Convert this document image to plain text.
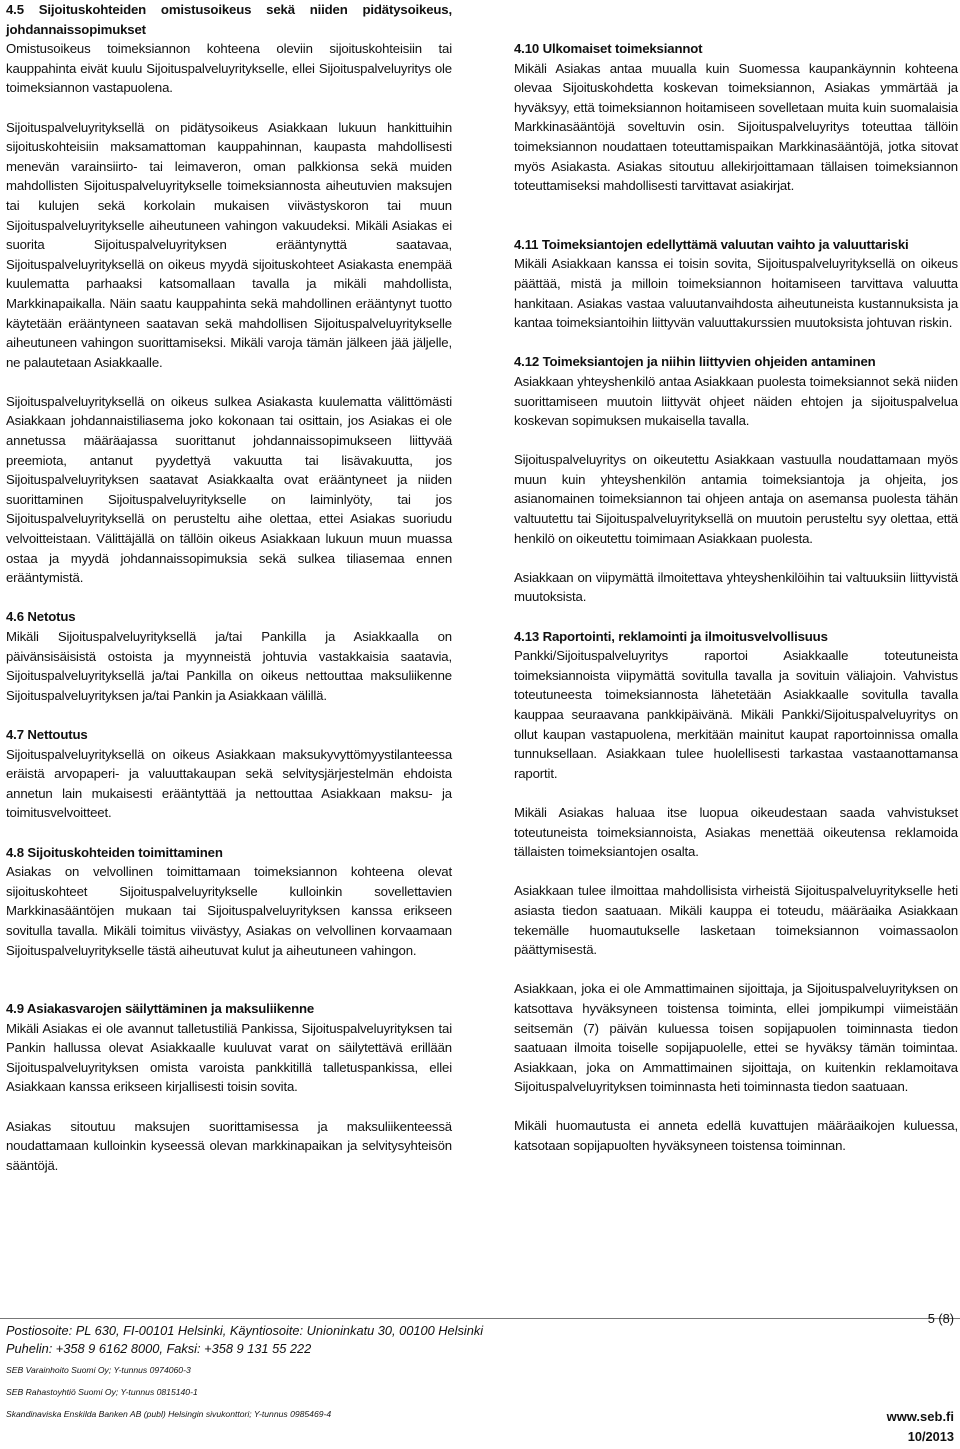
4.5 Sijoituskohteiden omistusoikeus sekä niiden pidätysoikeus, johdannaissopimukset

Omistusoikeus toimeksiannon kohteena oleviin sijoituskohteisiin tai kauppahinta eivät kuulu Sijoituspalveluyritykselle, ellei Sijoituspalveluyritys ole toimeksiannon vastapuolena.

Sijoituspalveluyrityksellä on pidätysoikeus Asiakkaan lukuun hankittuihin sijoituskohteisiin maksamattoman kauppahinnan, kaupasta mahdollisesti menevän varainsiirto- tai leimaveron, oman palkkionsa sekä muiden mahdollisten Sijoituspalveluyritykselle toimeksiannosta aiheutuvien maksujen tai kulujen sekä korkolain mukaisen viivästyskoron tai muun Sijoituspalveluyritykselle aiheutuneen vahingon vakuudeksi. Mikäli Asiakas ei suorita Sijoituspalveluyrityksen erääntynyttä saatavaa, Sijoituspalveluyrityksellä on oikeus myydä sijoituskohteet Asiakasta enempää kuulematta parhaaksi katsomallaan tavalla ja mikäli mahdollista, Markkinapaikalla. Näin saatu kauppahinta sekä mahdollinen erääntynyt tuotto käytetään erääntyneen saatavan sekä mahdollisen Sijoituspalveluyritykselle aiheutuneen vahingon suorittamiseksi. Mikäli varoja tämän jälkeen jää jäljelle, ne palautetaan Asiakkaalle.

Sijoituspalveluyrityksellä on oikeus sulkea Asiakasta kuulematta välittömästi Asiakkaan johdannaistiliasema joko kokonaan tai osittain, jos Asiakas ei ole annetussa määräajassa suorittanut johdannaissopimukseen liittyvää preemiota, antanut pyydettyä vakuutta tai lisävakuutta, jos Sijoituspalveluyrityksen saatavat Asiakkaalta ovat erääntyneet ja niiden suorittaminen Sijoituspalveluyritykselle on laiminlyöty, tai jos Sijoituspalveluyrityksellä on perusteltu aihe olettaa, ettei Asiakas suoriudu velvoitteistaan. Välittäjällä on tällöin oikeus Asiakkaan lukuun muun muassa ostaa ja myydä johdannaissopimuksia sekä sulkea tiliasemaa ennen erääntymistä.

4.6 Netotus

Mikäli Sijoituspalveluyrityksellä ja/tai Pankilla ja Asiakkaalla on päivänsisäisistä ostoista ja myynneistä johtuvia vastakkaisia saatavia, Sijoituspalveluyrityksellä ja/tai Pankilla on oikeus nettouttaa maksuliikenne Sijoituspalveluyrityksen ja/tai Pankin ja Asiakkaan välillä.

4.7 Nettoutus

Sijoituspalveluyrityksellä on oikeus Asiakkaan maksukyvyttömyystilanteessa eräistä arvopaperi- ja valuuttakaupan sekä selvitysjärjestelmän ehdoista annetun lain mukaisesti erääntyttää ja nettouttaa Asiakkaan maksu- ja toimitusvelvoitteet.

4.8 Sijoituskohteiden toimittaminen

Asiakas on velvollinen toimittamaan toimeksiannon kohteena olevat sijoituskohteet Sijoituspalveluyritykselle kulloinkin sovellettavien Markkinasääntöjen mukaan tai Sijoituspalveluyrityksen kanssa erikseen sovitulla tavalla. Mikäli toimitus viivästyy, Asiakas on velvollinen korvaamaan Sijoituspalveluyritykselle tästä aiheutuvat kulut ja aiheutuneen vahingon.

4.9 Asiakasvarojen säilyttäminen ja maksuliikenne

Mikäli Asiakas ei ole avannut talletustiliä Pankissa, Sijoituspalveluyrityksen tai Pankin hallussa olevat Asiakkaalle kuuluvat varat on säilytettävä erillään Sijoituspalveluyrityksen omista varoista pankkitillä talletuspankissa, ellei Asiakkaan kanssa erikseen kirjallisesti toisin sovita.

Asiakas sitoutuu maksujen suorittamisessa ja maksuliikenteessä noudattamaan kulloinkin kyseessä olevan markkinapaikan ja selvitysyhteisön sääntöjä.

4.10 Ulkomaiset toimeksiannot

Mikäli Asiakas antaa muualla kuin Suomessa kaupankäynnin kohteena olevaa Sijoituskohdetta koskevan toimeksiannon, Asiakas ymmärtää ja hyväksyy, että toimeksiannon hoitamiseen sovelletaan muita kuin suomalaisia Markkinasääntöjä soveltuvin osin. Sijoituspalveluyritys toteuttaa tällöin toimeksiannon noudattaen toteuttamispaikan Markkinasääntöjä, jotka sitovat myös Asiakasta. Asiakas sitoutuu allekirjoittamaan tällaisen toimeksiannon toteuttamiseksi mahdollisesti tarvittavat asiakirjat.

4.11 Toimeksiantojen edellyttämä valuutan vaihto ja valuuttariski

Mikäli Asiakkaan kanssa ei toisin sovita, Sijoituspalveluyrityksellä on oikeus päättää, mistä ja milloin toimeksiannon hoitamiseen tarvittava valuutta hankitaan. Asiakas vastaa valuutanvaihdosta aiheutuneista kustannuksista ja kantaa toimeksiantoihin liittyvän valuuttakurssien muutoksista johtuvan riskin.

4.12 Toimeksiantojen ja niihin liittyvien ohjeiden antaminen

Asiakkaan yhteyshenkilö antaa Asiakkaan puolesta toimeksiannot sekä niiden suorittamiseen muutoin liittyvät ohjeet näiden ehtojen ja sijoituspalvelua koskevan sopimuksen mukaisella tavalla.

Sijoituspalveluyritys on oikeutettu Asiakkaan vastuulla noudattamaan myös muun kuin yhteyshenkilön antamia toimeksiantoja ja ohjeita, jos asianomainen toimeksiannon tai ohjeen antaja on asemansa puolesta tähän valtuutettu tai Sijoituspalveluyrityksellä on muutoin perusteltu syy olettaa, että henkilö on oikeutettu toimimaan Asiakkaan puolesta.

Asiakkaan on viipymättä ilmoitettava yhteyshenkilöihin tai valtuuksiin liittyvistä muutoksista.

4.13 Raportointi, reklamointi ja ilmoitusvelvollisuus

Pankki/Sijoituspalveluyritys raportoi Asiakkaalle toteutuneista toimeksiannoista viipymättä sovitulla tavalla ja sovituin väliajoin. Vahvistus toteutuneesta toimeksiannosta lähetetään Asiakkaalle sovitulla tavalla kauppaa seuraavana pankkipäivänä. Mikäli Pankki/Sijoituspalveluyritys on ollut kaupan vastapuolena, merkitään mainitut kaupat raportoinnissa omalla tunnuksellaan. Asiakkaan tulee huolellisesti tarkastaa vastaanottamansa raportit.

Mikäli Asiakas haluaa itse luopua oikeudestaan saada vahvistukset toteutuneista toimeksiannoista, Asiakas menettää oikeutensa reklamoida tällaisten toimeksiantojen osalta.

Asiakkaan tulee ilmoittaa mahdollisista virheistä Sijoituspalveluyritykselle heti asiasta tiedon saatuaan. Mikäli kauppa ei toteudu, määräaika Asiakkaan tekemälle huomautukselle lasketaan toimeksiannon voimassaolon päättymisestä.

Asiakkaan, joka ei ole Ammattimainen sijoittaja, ja Sijoituspalveluyrityksen on katsottava hyväksyneen toistensa toiminta, ellei jompikumpi viimeistään seitsemän (7) päivän kuluessa toisen sopijapuolen toiminnasta tiedon saatuaan ilmoita toiselle sopijapuolelle, ettei se hyväksy tämän toimintaa. Asiakkaan, joka on Ammattimainen sijoittaja, on kuitenkin reklamoitava Sijoituspalveluyrityksen toiminnasta heti toiminnasta tiedon saatuaan.

Mikäli huomautusta ei anneta edellä kuvattujen määräaikojen kuluessa, katsotaan sopijapuolten hyväksyneen toistensa toiminnan.

5 (8)
Postiosoite: PL 630, FI-00101 Helsinki, Käyntiosoite: Unioninkatu 30, 00100 Helsinki
Puhelin: +358 9 6162 8000, Faksi: +358 9 131 55 222
SEB Varainhoito Suomi Oy; Y-tunnus 0974060-3
SEB Rahastoyhtiö Suomi Oy; Y-tunnus 0815140-1
Skandinaviska Enskilda Banken AB (publ) Helsingin sivukonttori; Y-tunnus 0985469-4	www.seb.fi
10/2013
